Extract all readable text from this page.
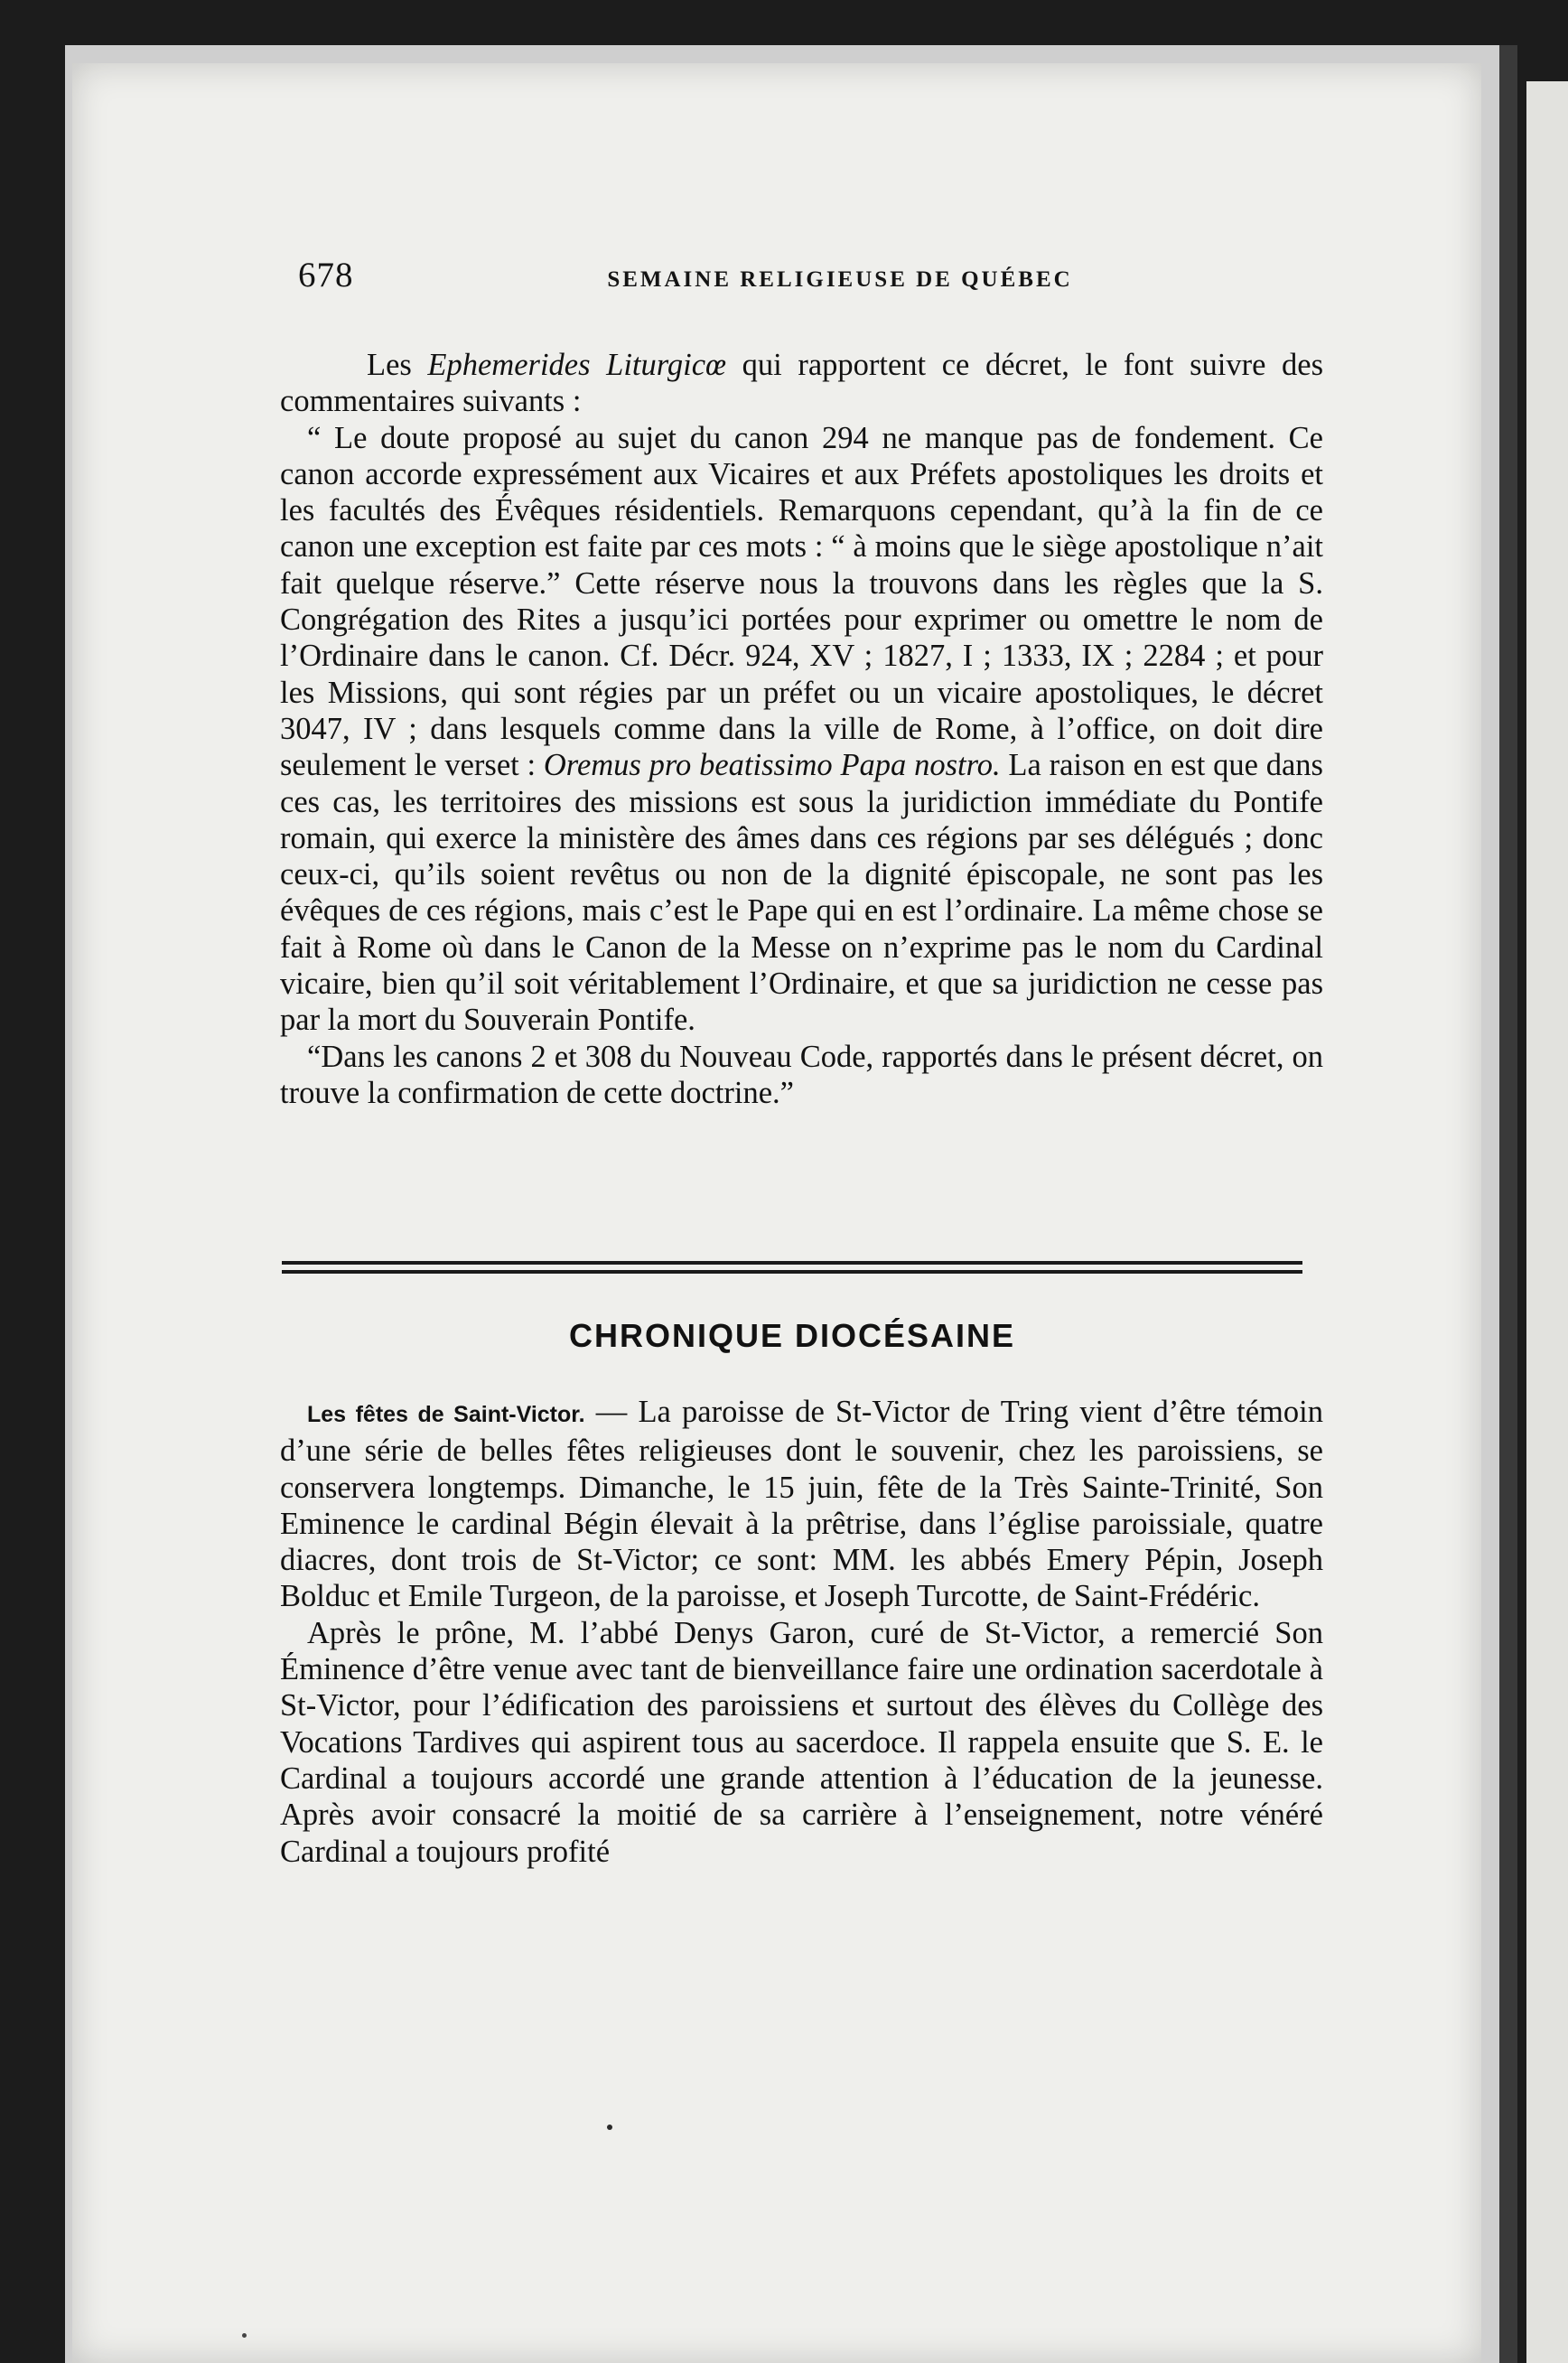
678	SEMAINE RELIGIEUSE DE QUÉBEC

Les Ephemerides Liturgicœ qui rapportent ce décret, le font suivre des commentaires suivants :

“ Le doute proposé au sujet du canon 294 ne manque pas de fondement. Ce canon accorde expressément aux Vicaires et aux Préfets apostoliques les droits et les facultés des Évêques résidentiels. Remarquons cependant, qu’à la fin de ce canon une exception est faite par ces mots : “ à moins que le siège apostolique n’ait fait quelque réserve.” Cette réserve nous la trouvons dans les règles que la S. Congrégation des Rites a jusqu’ici portées pour exprimer ou omettre le nom de l’Ordinaire dans le canon. Cf. Décr. 924, XV ; 1827, I ; 1333, IX ; 2284 ; et pour les Missions, qui sont régies par un préfet ou un vicaire apostoliques, le décret 3047, IV ; dans lesquels comme dans la ville de Rome, à l’office, on doit dire seulement le verset : Oremus pro beatissimo Papa nostro. La raison en est que dans ces cas, les territoires des missions est sous la juridiction immédiate du Pontife romain, qui exerce la ministère des âmes dans ces régions par ses délégués ; donc ceux-ci, qu’ils soient revêtus ou non de la dignité épiscopale, ne sont pas les évêques de ces régions, mais c’est le Pape qui en est l’ordinaire. La même chose se fait à Rome où dans le Canon de la Messe on n’exprime pas le nom du Cardinal vicaire, bien qu’il soit véritablement l’Ordinaire, et que sa juridiction ne cesse pas par la mort du Souverain Pontife.

“Dans les canons 2 et 308 du Nouveau Code, rapportés dans le présent décret, on trouve la confirmation de cette doctrine.”

CHRONIQUE DIOCÉSAINE

Les fêtes de Saint-Victor. — La paroisse de St-Victor de Tring vient d’être témoin d’une série de belles fêtes religieuses dont le souvenir, chez les paroissiens, se conservera longtemps. Dimanche, le 15 juin, fête de la Très Sainte-Trinité, Son Eminence le cardinal Bégin élevait à la prêtrise, dans l’église paroissiale, quatre diacres, dont trois de St-Victor; ce sont: MM. les abbés Emery Pépin, Joseph Bolduc et Emile Turgeon, de la paroisse, et Joseph Turcotte, de Saint-Frédéric.

Après le prône, M. l’abbé Denys Garon, curé de St-Victor, a remercié Son Éminence d’être venue avec tant de bienveillance faire une ordination sacerdotale à St-Victor, pour l’édification des paroissiens et surtout des élèves du Collège des Vocations Tardives qui aspirent tous au sacerdoce. Il rappela ensuite que S. E. le Cardinal a toujours accordé une grande attention à l’éducation de la jeunesse. Après avoir consacré la moitié de sa carrière à l’enseignement, notre vénéré Cardinal a toujours profité
